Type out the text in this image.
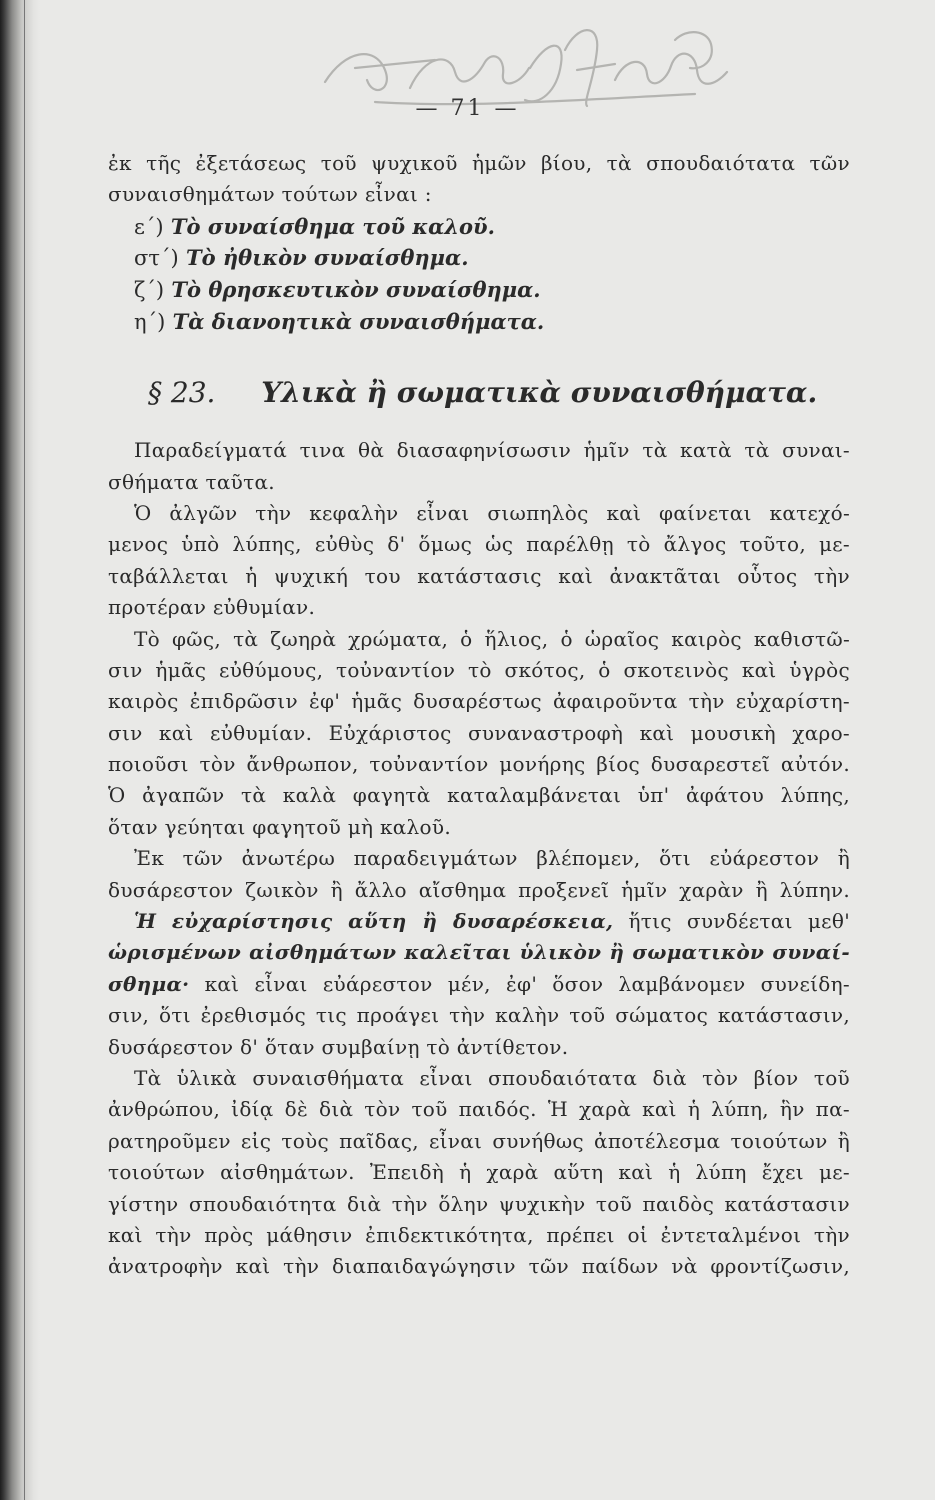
— 71 —
ἐκ τῆς ἐξετάσεως τοῦ ψυχικοῦ ἡμῶν βίου, τὰ σπουδαιότατα τῶν
συναισθημάτων τούτων εἶναι :
ε΄) Τὸ συναίσθημα τοῦ καλοῦ.
στ΄) Τὸ ἠθικὸν συναίσθημα.
ζ΄) Τὸ θρησκευτικὸν συναίσθημα.
η΄) Τὰ διανοητικὰ συναισθήματα.
§ 23. Υλικὰ ἢ σωματικὰ συναισθήματα.
Παραδείγματά τινα θὰ διασαφηνίσωσιν ἡμῖν τὰ κατὰ τὰ συναι-
σθήματα ταῦτα.
Ὁ ἀλγῶν τὴν κεφαλὴν εἶναι σιωπηλὸς καὶ φαίνεται κατεχό-
μενος ὑπὸ λύπης, εὐθὺς δ' ὅμως ὡς παρέλθῃ τὸ ἄλγος τοῦτο, με-
ταβάλλεται ἡ ψυχική του κατάστασις καὶ ἀνακτᾶται οὗτος τὴν
προτέραν εὐθυμίαν.
Τὸ φῶς, τὰ ζωηρὰ χρώματα, ὁ ἥλιος, ὁ ὡραῖος καιρὸς καθιστῶ-
σιν ἡμᾶς εὐθύμους, τοὐναντίον τὸ σκότος, ὁ σκοτεινὸς καὶ ὑγρὸς
καιρὸς ἐπιδρῶσιν ἐφ' ἡμᾶς δυσαρέστως ἀφαιροῦντα τὴν εὐχαρίστη-
σιν καὶ εὐθυμίαν. Εὐχάριστος συναναστροφὴ καὶ μουσικὴ χαρο-
ποιοῦσι τὸν ἄνθρωπον, τοὐναντίον μονήρης βίος δυσαρεστεῖ αὐτόν.
Ὁ ἀγαπῶν τὰ καλὰ φαγητὰ καταλαμβάνεται ὑπ' ἀφάτου λύπης,
ὅταν γεύηται φαγητοῦ μὴ καλοῦ.
Ἐκ τῶν ἀνωτέρω παραδειγμάτων βλέπομεν, ὅτι εὐάρεστον ἢ
δυσάρεστον ζωικὸν ἢ ἄλλο αἴσθημα προξενεῖ ἡμῖν χαρὰν ἢ λύπην.
Ἡ εὐχαρίστησις αὕτη ἢ δυσαρέσκεια, ἥτις συνδέεται μεθ'
ὡρισμένων αἰσθημάτων καλεῖται ὑλικὸν ἢ σωματικὸν συναί-
σθημα· καὶ εἶναι εὐάρεστον μέν, ἐφ' ὅσον λαμβάνομεν συνείδη-
σιν, ὅτι ἐρεθισμός τις προάγει τὴν καλὴν τοῦ σώματος κατάστασιν,
δυσάρεστον δ' ὅταν συμβαίνῃ τὸ ἀντίθετον.
Τὰ ὑλικὰ συναισθήματα εἶναι σπουδαιότατα διὰ τὸν βίον τοῦ
ἀνθρώπου, ἰδίᾳ δὲ διὰ τὸν τοῦ παιδός. Ἡ χαρὰ καὶ ἡ λύπη, ἣν πα-
ρατηροῦμεν εἰς τοὺς παῖδας, εἶναι συνήθως ἀποτέλεσμα τοιούτων ἢ
τοιούτων αἰσθημάτων. Ἐπειδὴ ἡ χαρὰ αὕτη καὶ ἡ λύπη ἔχει με-
γίστην σπουδαιότητα διὰ τὴν ὅλην ψυχικὴν τοῦ παιδὸς κατάστασιν
καὶ τὴν πρὸς μάθησιν ἐπιδεκτικότητα, πρέπει οἱ ἐντεταλμένοι τὴν
ἀνατροφὴν καὶ τὴν διαπαιδαγώγησιν τῶν παίδων νὰ φροντίζωσιν,
